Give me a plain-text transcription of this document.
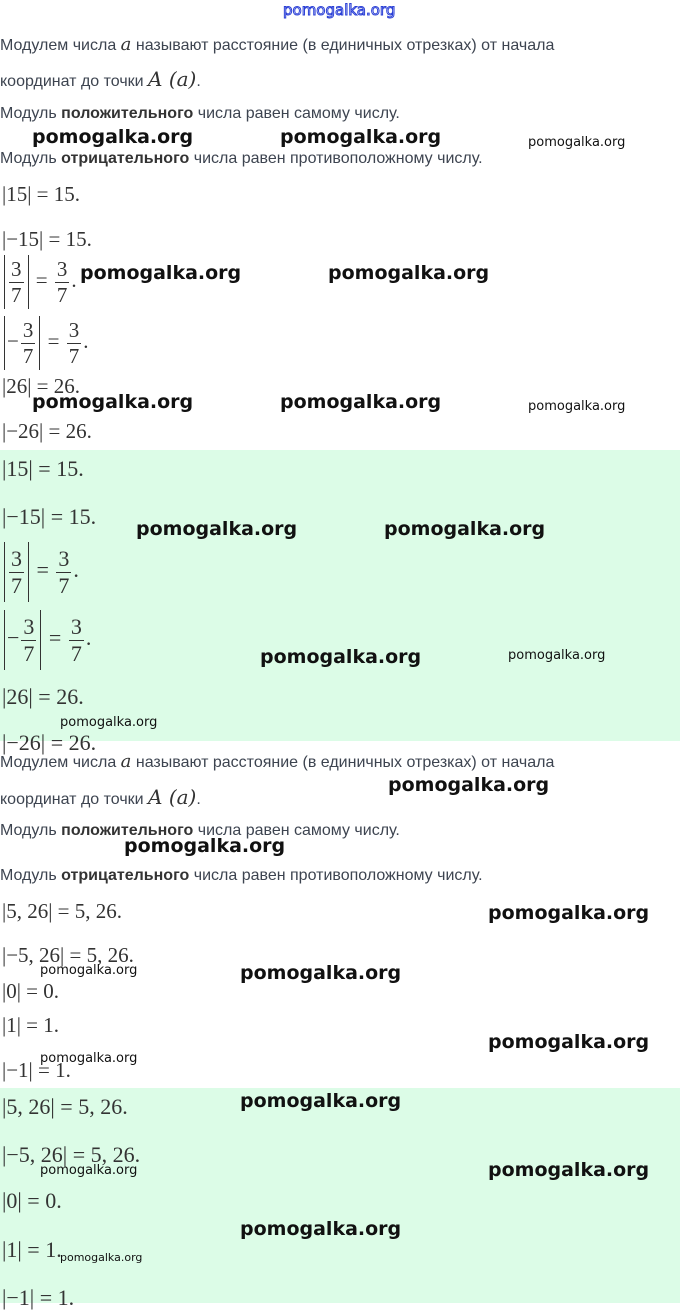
pomogalka.org
Модулем числа a называют расстояние (в единичных отрезках) от начала
координат до точки A (a).
Модуль положительного числа равен самому числу.
Модуль отрицательного числа равен противоположному числу.
|15| = 15.
|−15| = 15.
$\frac{3}{7} = \frac{3}{7}$ .
− $\frac{3}{7} = \frac{3}{7}$ .
|26| = 26.
|−26| = 26.
|15| = 15.
|−15| = 15.
$\frac{3}{7} = \frac{3}{7}$ .
− $\frac{3}{7} = \frac{3}{7}$ .
|26| = 26.
|−26| = 26.
Модулем числа a называют расстояние (в единичных отрезках) от начала
координат до точки A (a).
Модуль положительного числа равен самому числу.
Модуль отрицательного числа равен противоположному числу.
|5, 26| = 5, 26.
|−5, 26| = 5, 26.
|0| = 0.
|1| = 1.
|−1| = 1.
|5, 26| = 5, 26.
|−5, 26| = 5, 26.
|0| = 0.
|1| = 1.
|−1| = 1.
pomogalka.org	pomogalka.org	pomogalka.org
pomogalka.org	pomogalka.org
pomogalka.org	pomogalka.org	pomogalka.org
pomogalka.org	pomogalka.org
pomogalka.org	pomogalka.org
pomogalka.org
pomogalka.org
pomogalka.org
pomogalka.org
pomogalka.org	pomogalka.org
pomogalka.org
pomogalka.org
pomogalka.org
pomogalka.org	pomogalka.org
pomogalka.org
pomogalka.org
